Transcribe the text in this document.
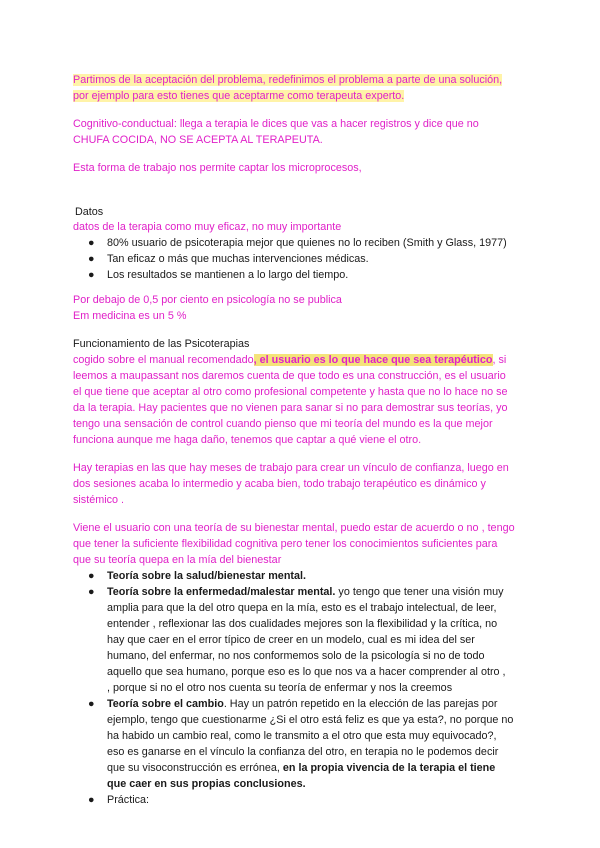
Partimos de la aceptación del problema, redefinimos el problema a parte de una solución,
por ejemplo para esto tienes que aceptarme como terapeuta experto.
Cognitivo-conductual: llega a terapia le dices que vas a hacer registros y dice que no
CHUFA COCIDA, NO SE ACEPTA AL TERAPEUTA.
Esta forma de trabajo nos permite captar los microprocesos,
Datos
datos de la terapia como muy eficaz, no muy importante
● 80% usuario de psicoterapia mejor que quienes no lo reciben (Smith y Glass, 1977)
● Tan eficaz o más que muchas intervenciones médicas.
● Los resultados se mantienen a lo largo del tiempo.
Por debajo de 0,5 por ciento en psicología no se publica
Em medicina es un 5 %
Funcionamiento de las Psicoterapias
cogido sobre el manual recomendado, el usuario es lo que hace que sea terapéutico, si
leemos a maupassant nos daremos cuenta de que todo es una construcción, es el usuario
el que tiene que aceptar al otro como profesional competente y hasta que no lo hace no se
da la terapia. Hay pacientes que no vienen para sanar si no para demostrar sus teorías, yo
tengo una sensación de control cuando pienso que mi teoría del mundo es la que mejor
funciona aunque me haga daño, tenemos que captar a qué viene el otro.
Hay terapias en las que hay meses de trabajo para crear un vínculo de confianza, luego en
dos sesiones acaba lo intermedio y acaba bien, todo trabajo terapéutico es dinámico y
sistémico .
Viene el usuario con una teoría de su bienestar mental, puedo estar de acuerdo o no , tengo
que tener la suficiente flexibilidad cognitiva pero tener los conocimientos suficientes para
que su teoría quepa en la mía del bienestar
● Teoría sobre la salud/bienestar mental.
● Teoría sobre la enfermedad/malestar mental. yo tengo que tener una visión muy
amplia para que la del otro quepa en la mía, esto es el trabajo intelectual, de leer,
entender , reflexionar las dos cualidades mejores son la flexibilidad y la crítica, no
hay que caer en el error típico de creer en un modelo, cual es mi idea del ser
humano, del enfermar, no nos conformemos solo de la psicología si no de todo
aquello que sea humano, porque eso es lo que nos va a hacer comprender al otro ,
, porque si no el otro nos cuenta su teoría de enfermar y nos la creemos
● Teoría sobre el cambio. Hay un patrón repetido en la elección de las parejas por
ejemplo, tengo que cuestionarme ¿Si el otro está feliz es que ya esta?, no porque no
ha habido un cambio real, como le transmito a el otro que esta muy equivocado?,
eso es ganarse en el vínculo la confianza del otro, en terapia no le podemos decir
que su visoconstrucción es errónea, en la propia vivencia de la terapia el tiene
que caer en sus propias conclusiones.
● Práctica:
